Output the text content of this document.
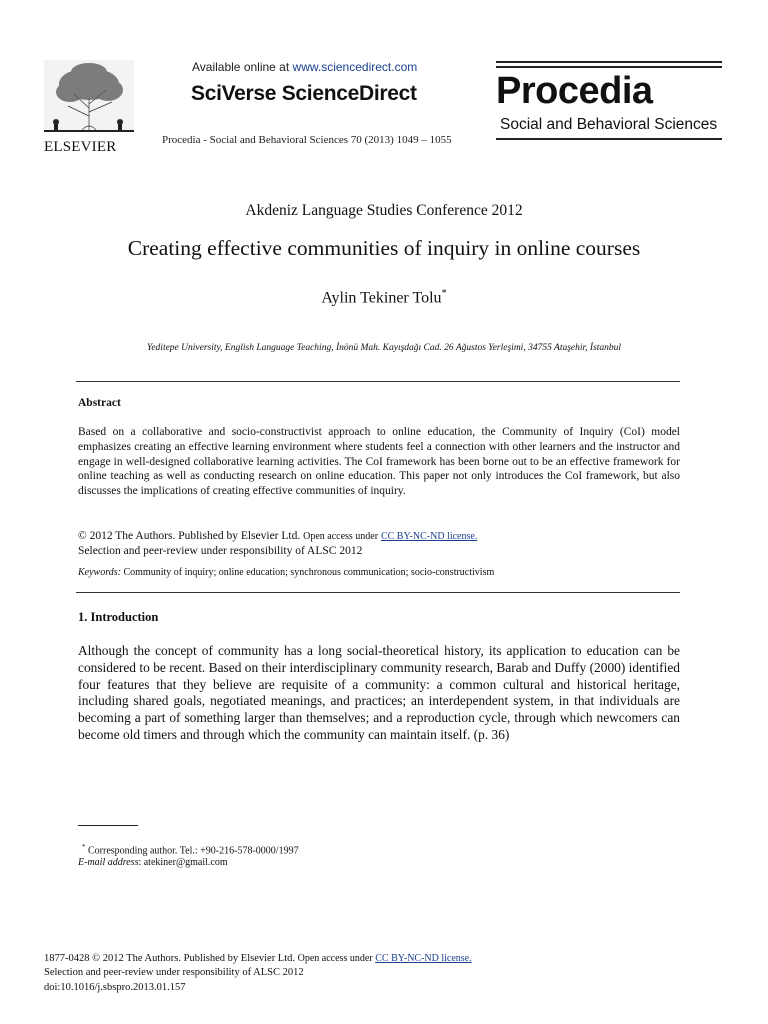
ELSEVIER
Available online at www.sciencedirect.com
SciVerse ScienceDirect
Procedia - Social and Behavioral Sciences 70 (2013) 1049 – 1055
Procedia
Social and Behavioral Sciences
Akdeniz Language Studies Conference 2012
Creating effective communities of inquiry in online courses
Aylin Tekiner Tolu*
Yeditepe University, English Language Teaching, İnönü Mah. Kayışdağı Cad. 26 Ağustos Yerleşimi, 34755 Ataşehir, İstanbul
Abstract
Based on a collaborative and socio-constructivist approach to online education, the Community of Inquiry (CoI) model emphasizes creating an effective learning environment where students feel a connection with other learners and the instructor and engage in well-designed collaborative learning activities. The CoI framework has been borne out to be an effective framework for online teaching as well as conducting research on online education. This paper not only introduces the CoI framework, but also discusses the implications of creating effective communities of inquiry.
© 2012 The Authors. Published by Elsevier Ltd. Open access under CC BY-NC-ND license.
Selection and peer-review under responsibility of ALSC 2012
Keywords: Community of inquiry; online education; synchronous communication; socio-constructivism
1. Introduction
Although the concept of community has a long social-theoretical history, its application to education can be considered to be recent. Based on their interdisciplinary community research, Barab and Duffy (2000) identified four features that they believe are requisite of a community: a common cultural and historical heritage, including shared goals, negotiated meanings, and practices; an interdependent system, in that individuals are becoming a part of something larger than themselves; and a reproduction cycle, through which newcomers can become old timers and through which the community can maintain itself. (p. 36)
* Corresponding author. Tel.: +90-216-578-0000/1997
E-mail address: atekiner@gmail.com
1877-0428 © 2012 The Authors. Published by Elsevier Ltd. Open access under CC BY-NC-ND license.
Selection and peer-review under responsibility of ALSC 2012
doi:10.1016/j.sbspro.2013.01.157
